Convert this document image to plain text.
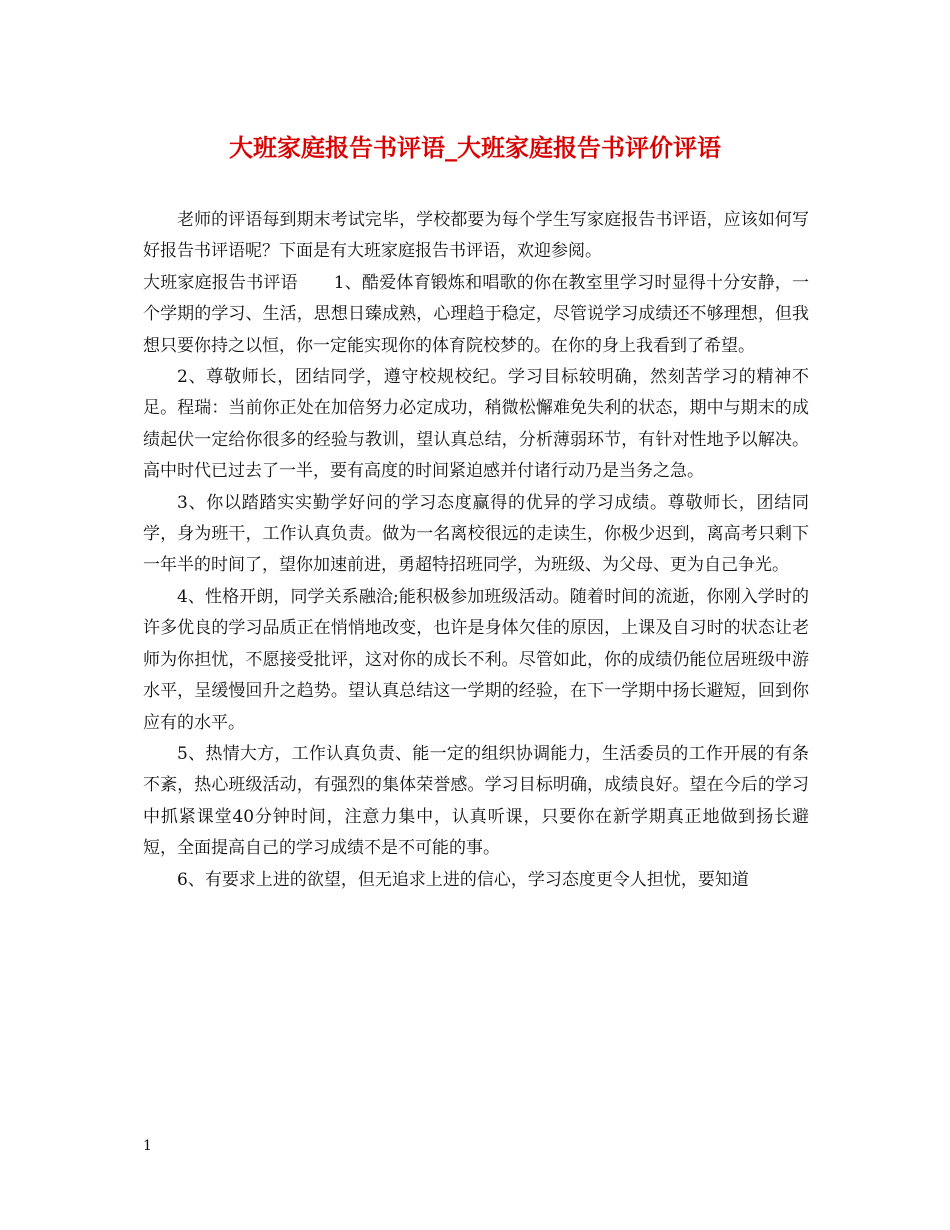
大班家庭报告书评语_大班家庭报告书评价评语

老师的评语每到期末考试完毕，学校都要为每个学生写家庭报告书评语，应该如何写好报告书评语呢？下面是有大班家庭报告书评语，欢迎参阅。

大班家庭报告书评语 1、酷爱体育锻炼和唱歌的你在教室里学习时显得十分安静，一个学期的学习、生活，思想日臻成熟，心理趋于稳定，尽管说学习成绩还不够理想，但我想只要你持之以恒，你一定能实现你的体育院校梦的。在你的身上我看到了希望。

2、尊敬师长，团结同学，遵守校规校纪。学习目标较明确，然刻苦学习的精神不足。程瑞：当前你正处在加倍努力必定成功，稍微松懈难免失利的状态，期中与期末的成绩起伏一定给你很多的经验与教训，望认真总结，分析薄弱环节，有针对性地予以解决。高中时代已过去了一半，要有高度的时间紧迫感并付诸行动乃是当务之急。

3、你以踏踏实实勤学好问的学习态度赢得的优异的学习成绩。尊敬师长，团结同学，身为班干，工作认真负责。做为一名离校很远的走读生，你极少迟到，离高考只剩下一年半的时间了，望你加速前进，勇超特招班同学，为班级、为父母、更为自己争光。

4、性格开朗，同学关系融洽;能积极参加班级活动。随着时间的流逝，你刚入学时的许多优良的学习品质正在悄悄地改变，也许是身体欠佳的原因，上课及自习时的状态让老师为你担忧，不愿接受批评，这对你的成长不利。尽管如此，你的成绩仍能位居班级中游水平，呈缓慢回升之趋势。望认真总结这一学期的经验，在下一学期中扬长避短，回到你应有的水平。

5、热情大方，工作认真负责、能一定的组织协调能力，生活委员的工作开展的有条不紊，热心班级活动，有强烈的集体荣誉感。学习目标明确，成绩良好。望在今后的学习中抓紧课堂40分钟时间，注意力集中，认真听课，只要你在新学期真正地做到扬长避短，全面提高自己的学习成绩不是不可能的事。

6、有要求上进的欲望，但无追求上进的信心，学习态度更令人担忧，要知道

1
